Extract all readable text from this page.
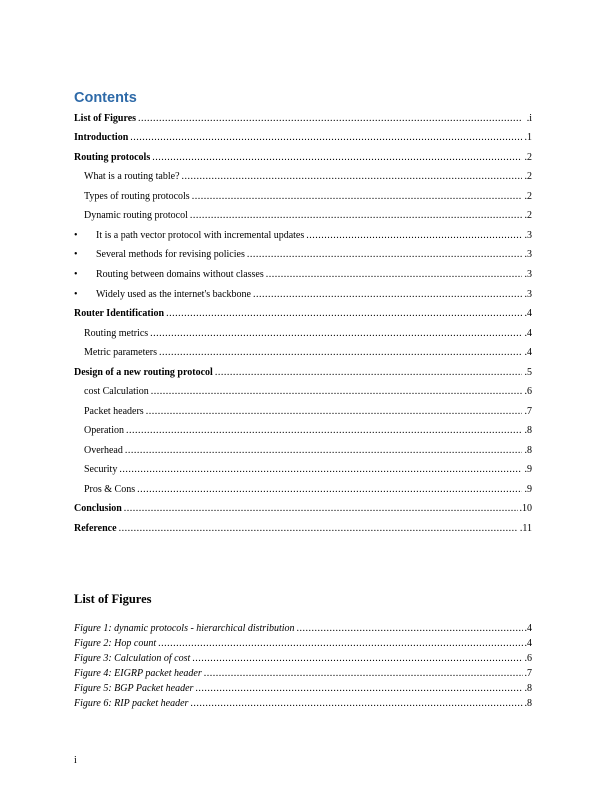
Contents
List of Figures .....	.i
Introduction .....	.1
Routing protocols .....	.2
What is a routing table? .....	.2
Types of routing protocols .....	.2
Dynamic routing protocol .....	.2
•	It is a path vector protocol with incremental updates .....	.3
•	Several methods for revising policies .....	.3
•	Routing between domains without classes .....	.3
•	Widely used as the internet's backbone .....	.3
Router Identification .....	.4
Routing metrics .....	.4
Metric parameters .....	.4
Design of a new routing protocol .....	.5
cost Calculation .....	.6
Packet headers .....	.7
Operation .....	.8
Overhead .....	.8
Security .....	.9
Pros & Cons .....	.9
Conclusion .....	.10
Reference .....	.11
List of Figures
Figure 1: dynamic protocols - hierarchical distribution .....	.4
Figure 2: Hop count .....	.4
Figure 3: Calculation of cost .....	.6
Figure 4: EIGRP packet header .....	.7
Figure 5: BGP Packet header .....	.8
Figure 6: RIP packet header .....	.8
i
